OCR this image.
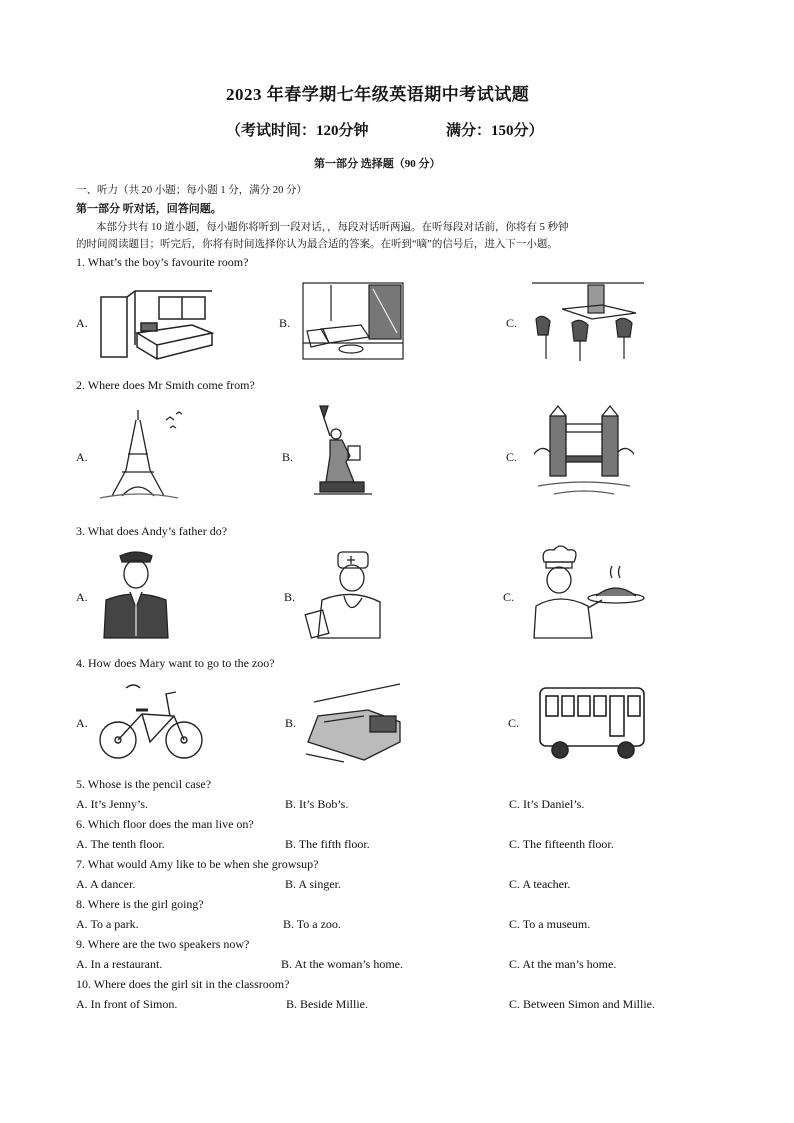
2023 年春学期七年级英语期中考试试题
（考试时间：120分钟	满分：150分）
第一部分 选择题（90 分）
一、听力（共 20 小题；每小题 1 分，满分 20 分）
第一部分 听对话，回答问题。
本部分共有 10 道小题，每小题你将听到一段对话，，每段对话听两遍。在听每段对话前，你将有 5 秒钟
的时间阅读题目；听完后，你将有时间选择你认为最合适的答案。在听到“嘀”的信号后，进入下一小题。
1. What’s the boy’s favourite room?
A.	B.	C.
2. Where does Mr Smith come from?
A.	B.	C.
3. What does Andy’s father do?
A.	B.	C.
4. How does Mary want to go to the zoo?
A.	B.	C.
5. Whose is the pencil case?
A. It’s Jenny’s.	B. It’s Bob’s.	C. It’s Daniel’s.
6. Which floor does the man live on?
A. The tenth floor.	B. The fifth floor.	C. The fifteenth floor.
7. What would Amy like to be when she growsup?
A. A dancer.	B. A singer.	C. A teacher.
8. Where is the girl going?
A. To a park.	B. To a zoo.	C. To a museum.
9. Where are the two speakers now?
A. In a restaurant.	B. At the woman’s home.	C. At the man’s home.
10. Where does the girl sit in the classroom?
A. In front of Simon.	B. Beside Millie.	C. Between Simon and Millie.
